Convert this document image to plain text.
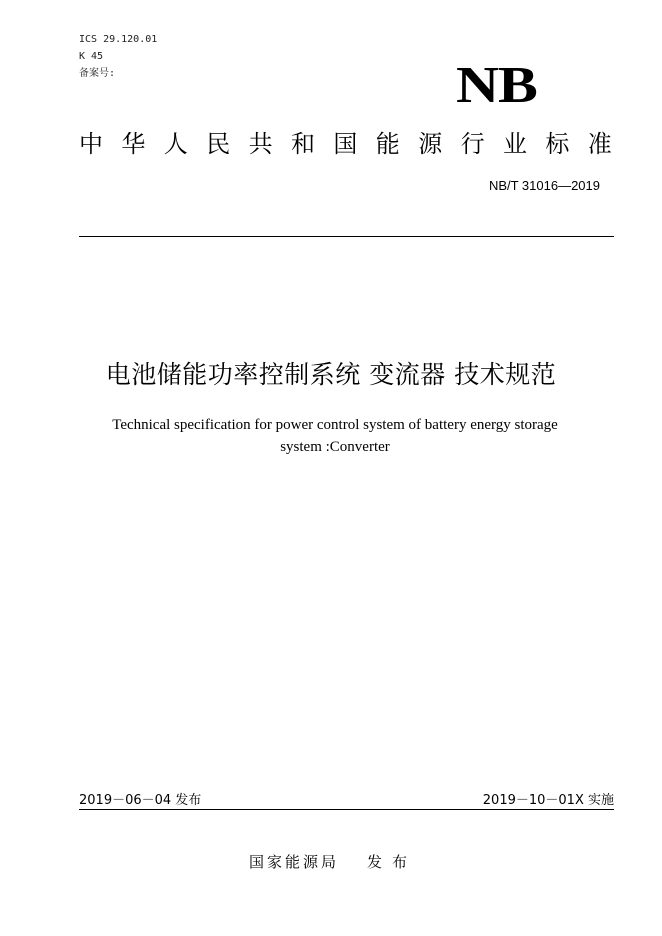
ICS 29.120.01
K 45
备案号:	NB
中华人民共和国能源行业标准
NB/T 31016—2019
电池储能功率控制系统 变流器 技术规范
Technical specification for power control system of battery energy storage
system :Converter
2019－06－04 发布	2019－10－01X 实施
国家能源局 发布
